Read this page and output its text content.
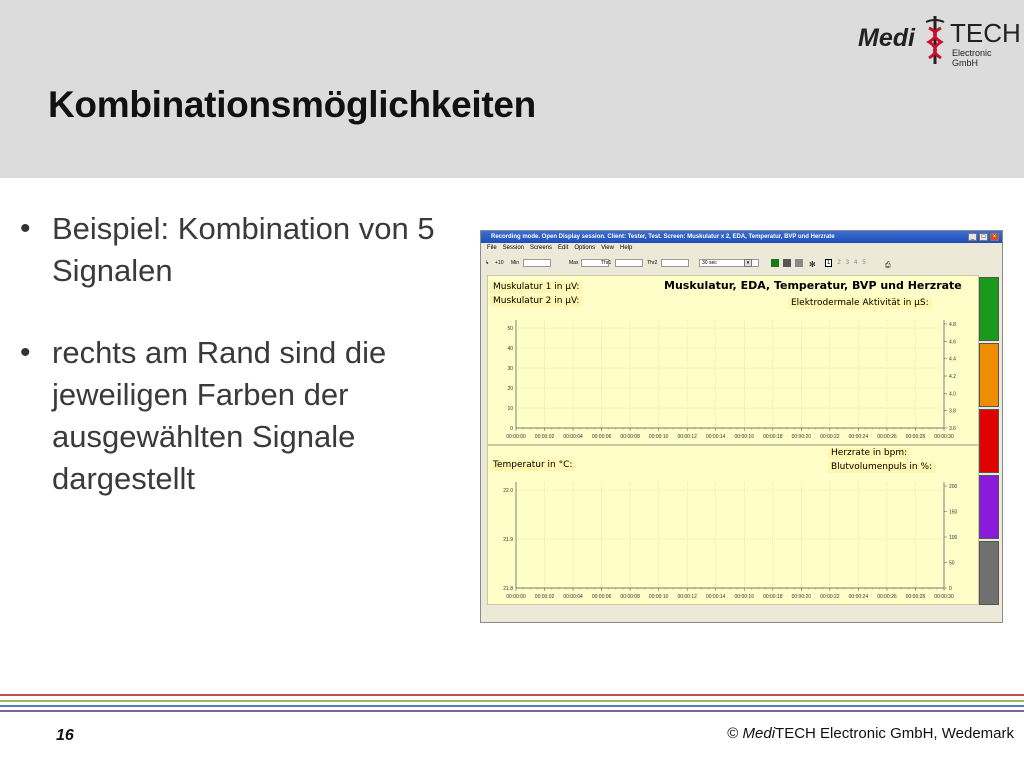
Kombinationsmöglichkeiten
Medi TECH
Electronic GmbH
• Beispiel: Kombination von 5 Signalen
• rechts am Rand sind die jeweiligen Farben der ausgewählten Signale dargestellt
Recording mode. Open Display session. Client: Tester, Test. Screen: Muskulatur x 2, EDA, Temperatur, BVP und Herzrate	_	□	×
File Session Screens Edit Options View Help
↳ +10 Min	Max	Thr1	Thr2	30 sec	▾	✻	1 2 3 4 5	⎙
Muskulatur 1 in µV:
Muskulatur 2 in µV:
Muskulatur, EDA, Temperatur, BVP und Herzrate
Elektrodermale Aktivität in µS:
00:00:00 00:00:02 00:00:04 00:00:06 00:00:08 00:00:10 00:00:12 00:00:14 00:00:16 00:00:18 00:00:20 00:00:22 00:00:24 00:00:26 00:00:28 00:00:30
50
40
30
20
10
0
4.8
4.6
4.4
4.2
4.0
3.8
3.6
Temperatur in °C:
Herzrate in bpm:
Blutvolumenpuls in %:
00:00:00 00:00:02 00:00:04 00:00:06 00:00:08 00:00:10 00:00:12 00:00:14 00:00:16 00:00:18 00:00:20 00:00:22 00:00:24 00:00:26 00:00:28 00:00:30
22.0
21.9
21.8
200
150
100
50
0
16	© MediTECH Electronic GmbH, Wedemark
